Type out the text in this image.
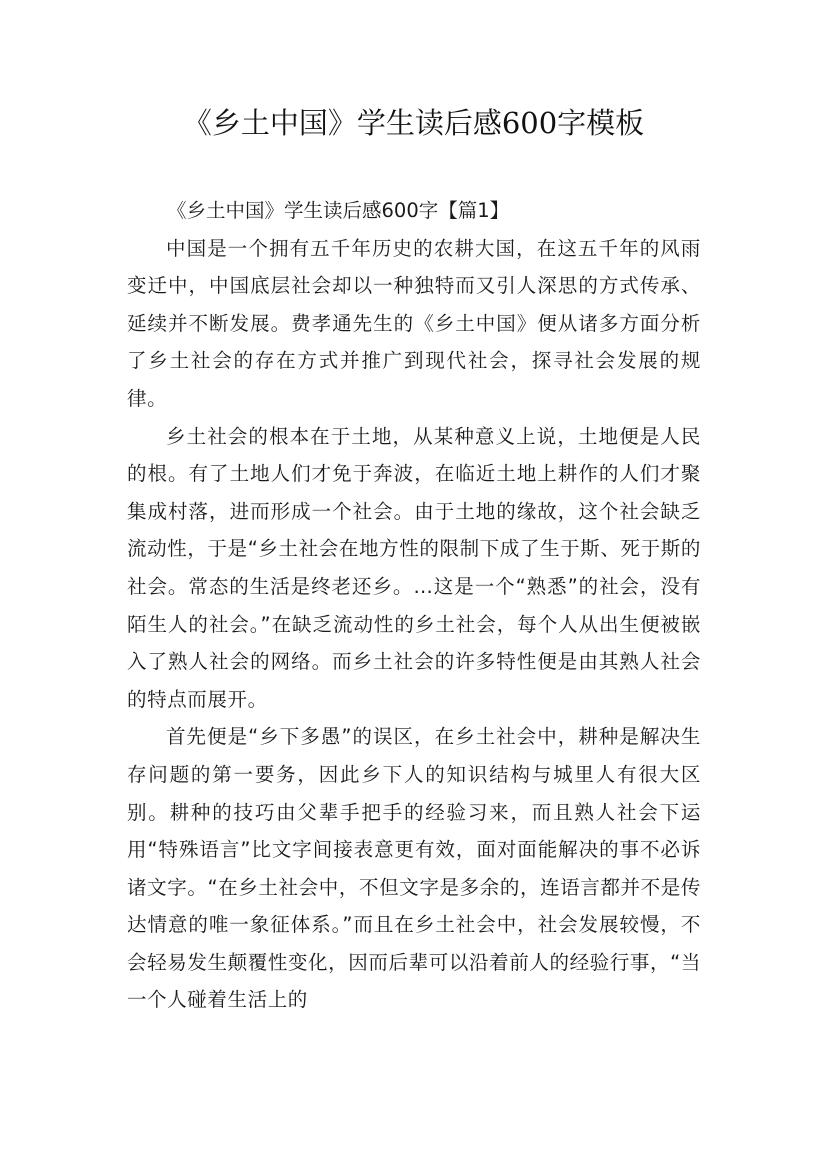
《乡土中国》学生读后感600字模板

《乡土中国》学生读后感600字【篇1】

中国是一个拥有五千年历史的农耕大国，在这五千年的风雨变迁中，中国底层社会却以一种独特而又引人深思的方式传承、延续并不断发展。费孝通先生的《乡土中国》便从诸多方面分析了乡土社会的存在方式并推广到现代社会，探寻社会发展的规律。

乡土社会的根本在于土地，从某种意义上说，土地便是人民的根。有了土地人们才免于奔波，在临近土地上耕作的人们才聚集成村落，进而形成一个社会。由于土地的缘故，这个社会缺乏流动性，于是“乡土社会在地方性的限制下成了生于斯、死于斯的社会。常态的生活是终老还乡。…这是一个“熟悉”的社会，没有陌生人的社会。”在缺乏流动性的乡土社会，每个人从出生便被嵌入了熟人社会的网络。而乡土社会的许多特性便是由其熟人社会的特点而展开。

首先便是“乡下多愚”的误区，在乡土社会中，耕种是解决生存问题的第一要务，因此乡下人的知识结构与城里人有很大区别。耕种的技巧由父辈手把手的经验习来，而且熟人社会下运用“特殊语言”比文字间接表意更有效，面对面能解决的事不必诉诸文字。“在乡土社会中，不但文字是多余的，连语言都并不是传达情意的唯一象征体系。”而且在乡土社会中，社会发展较慢，不会轻易发生颠覆性变化，因而后辈可以沿着前人的经验行事，“当一个人碰着生活上的
